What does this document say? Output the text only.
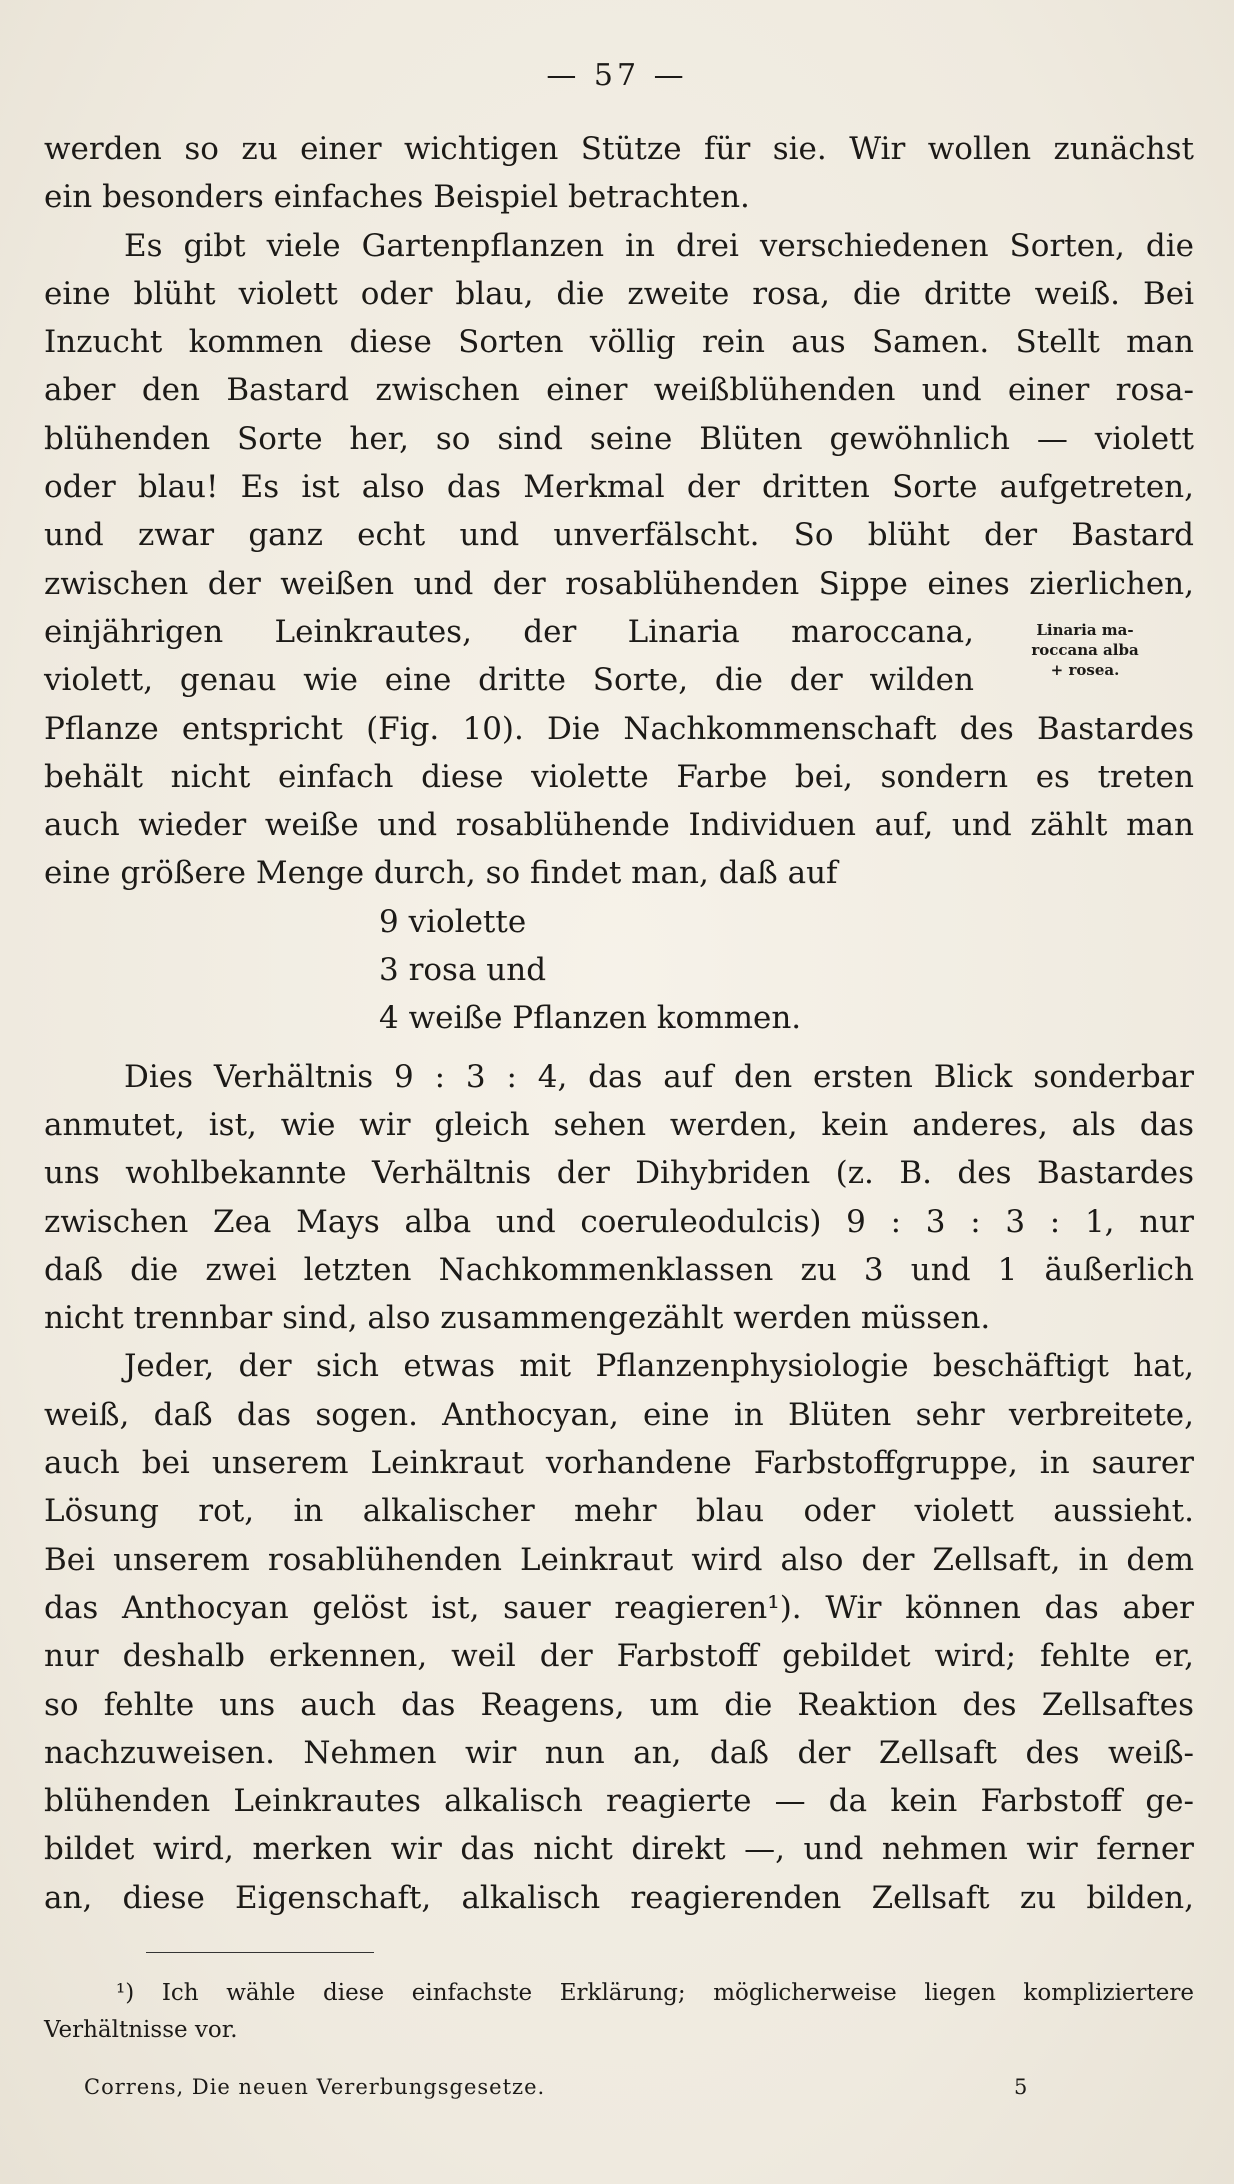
— 57 —
werden so zu einer wichtigen Stütze für sie. Wir wollen zunächst
ein besonders einfaches Beispiel betrachten.
Es gibt viele Gartenpflanzen in drei verschiedenen Sorten, die
eine blüht violett oder blau, die zweite rosa, die dritte weiß. Bei
Inzucht kommen diese Sorten völlig rein aus Samen. Stellt man
aber den Bastard zwischen einer weißblühenden und einer rosa-
blühenden Sorte her, so sind seine Blüten gewöhnlich — violett
oder blau! Es ist also das Merkmal der dritten Sorte aufgetreten,
und zwar ganz echt und unverfälscht. So blüht der Bastard
zwischen der weißen und der rosablühenden Sippe eines zierlichen,
einjährigen Leinkrautes, der Linaria maroccana,
violett, genau wie eine dritte Sorte, die der wilden
Pflanze entspricht (Fig. 10). Die Nachkommenschaft des Bastardes
behält nicht einfach diese violette Farbe bei, sondern es treten
auch wieder weiße und rosablühende Individuen auf, und zählt man
eine größere Menge durch, so findet man, daß auf
9 violette
3 rosa und
4 weiße Pflanzen kommen.
Dies Verhältnis 9 : 3 : 4, das auf den ersten Blick sonderbar
anmutet, ist, wie wir gleich sehen werden, kein anderes, als das
uns wohlbekannte Verhältnis der Dihybriden (z. B. des Bastardes
zwischen Zea Mays alba und coeruleodulcis) 9 : 3 : 3 : 1, nur
daß die zwei letzten Nachkommenklassen zu 3 und 1 äußerlich
nicht trennbar sind, also zusammengezählt werden müssen.
Jeder, der sich etwas mit Pflanzenphysiologie beschäftigt hat,
weiß, daß das sogen. Anthocyan, eine in Blüten sehr verbreitete,
auch bei unserem Leinkraut vorhandene Farbstoffgruppe, in saurer
Lösung rot, in alkalischer mehr blau oder violett aussieht.
Bei unserem rosablühenden Leinkraut wird also der Zellsaft, in dem
das Anthocyan gelöst ist, sauer reagieren¹). Wir können das aber
nur deshalb erkennen, weil der Farbstoff gebildet wird; fehlte er,
so fehlte uns auch das Reagens, um die Reaktion des Zellsaftes
nachzuweisen. Nehmen wir nun an, daß der Zellsaft des weiß-
blühenden Leinkrautes alkalisch reagierte — da kein Farbstoff ge-
bildet wird, merken wir das nicht direkt —, und nehmen wir ferner
an, diese Eigenschaft, alkalisch reagierenden Zellsaft zu bilden,
Linaria ma-
roccana alba
+ rosea.
¹) Ich wähle diese einfachste Erklärung; möglicherweise liegen kompliziertere
Verhältnisse vor.
Correns, Die neuen Vererbungsgesetze.	5
